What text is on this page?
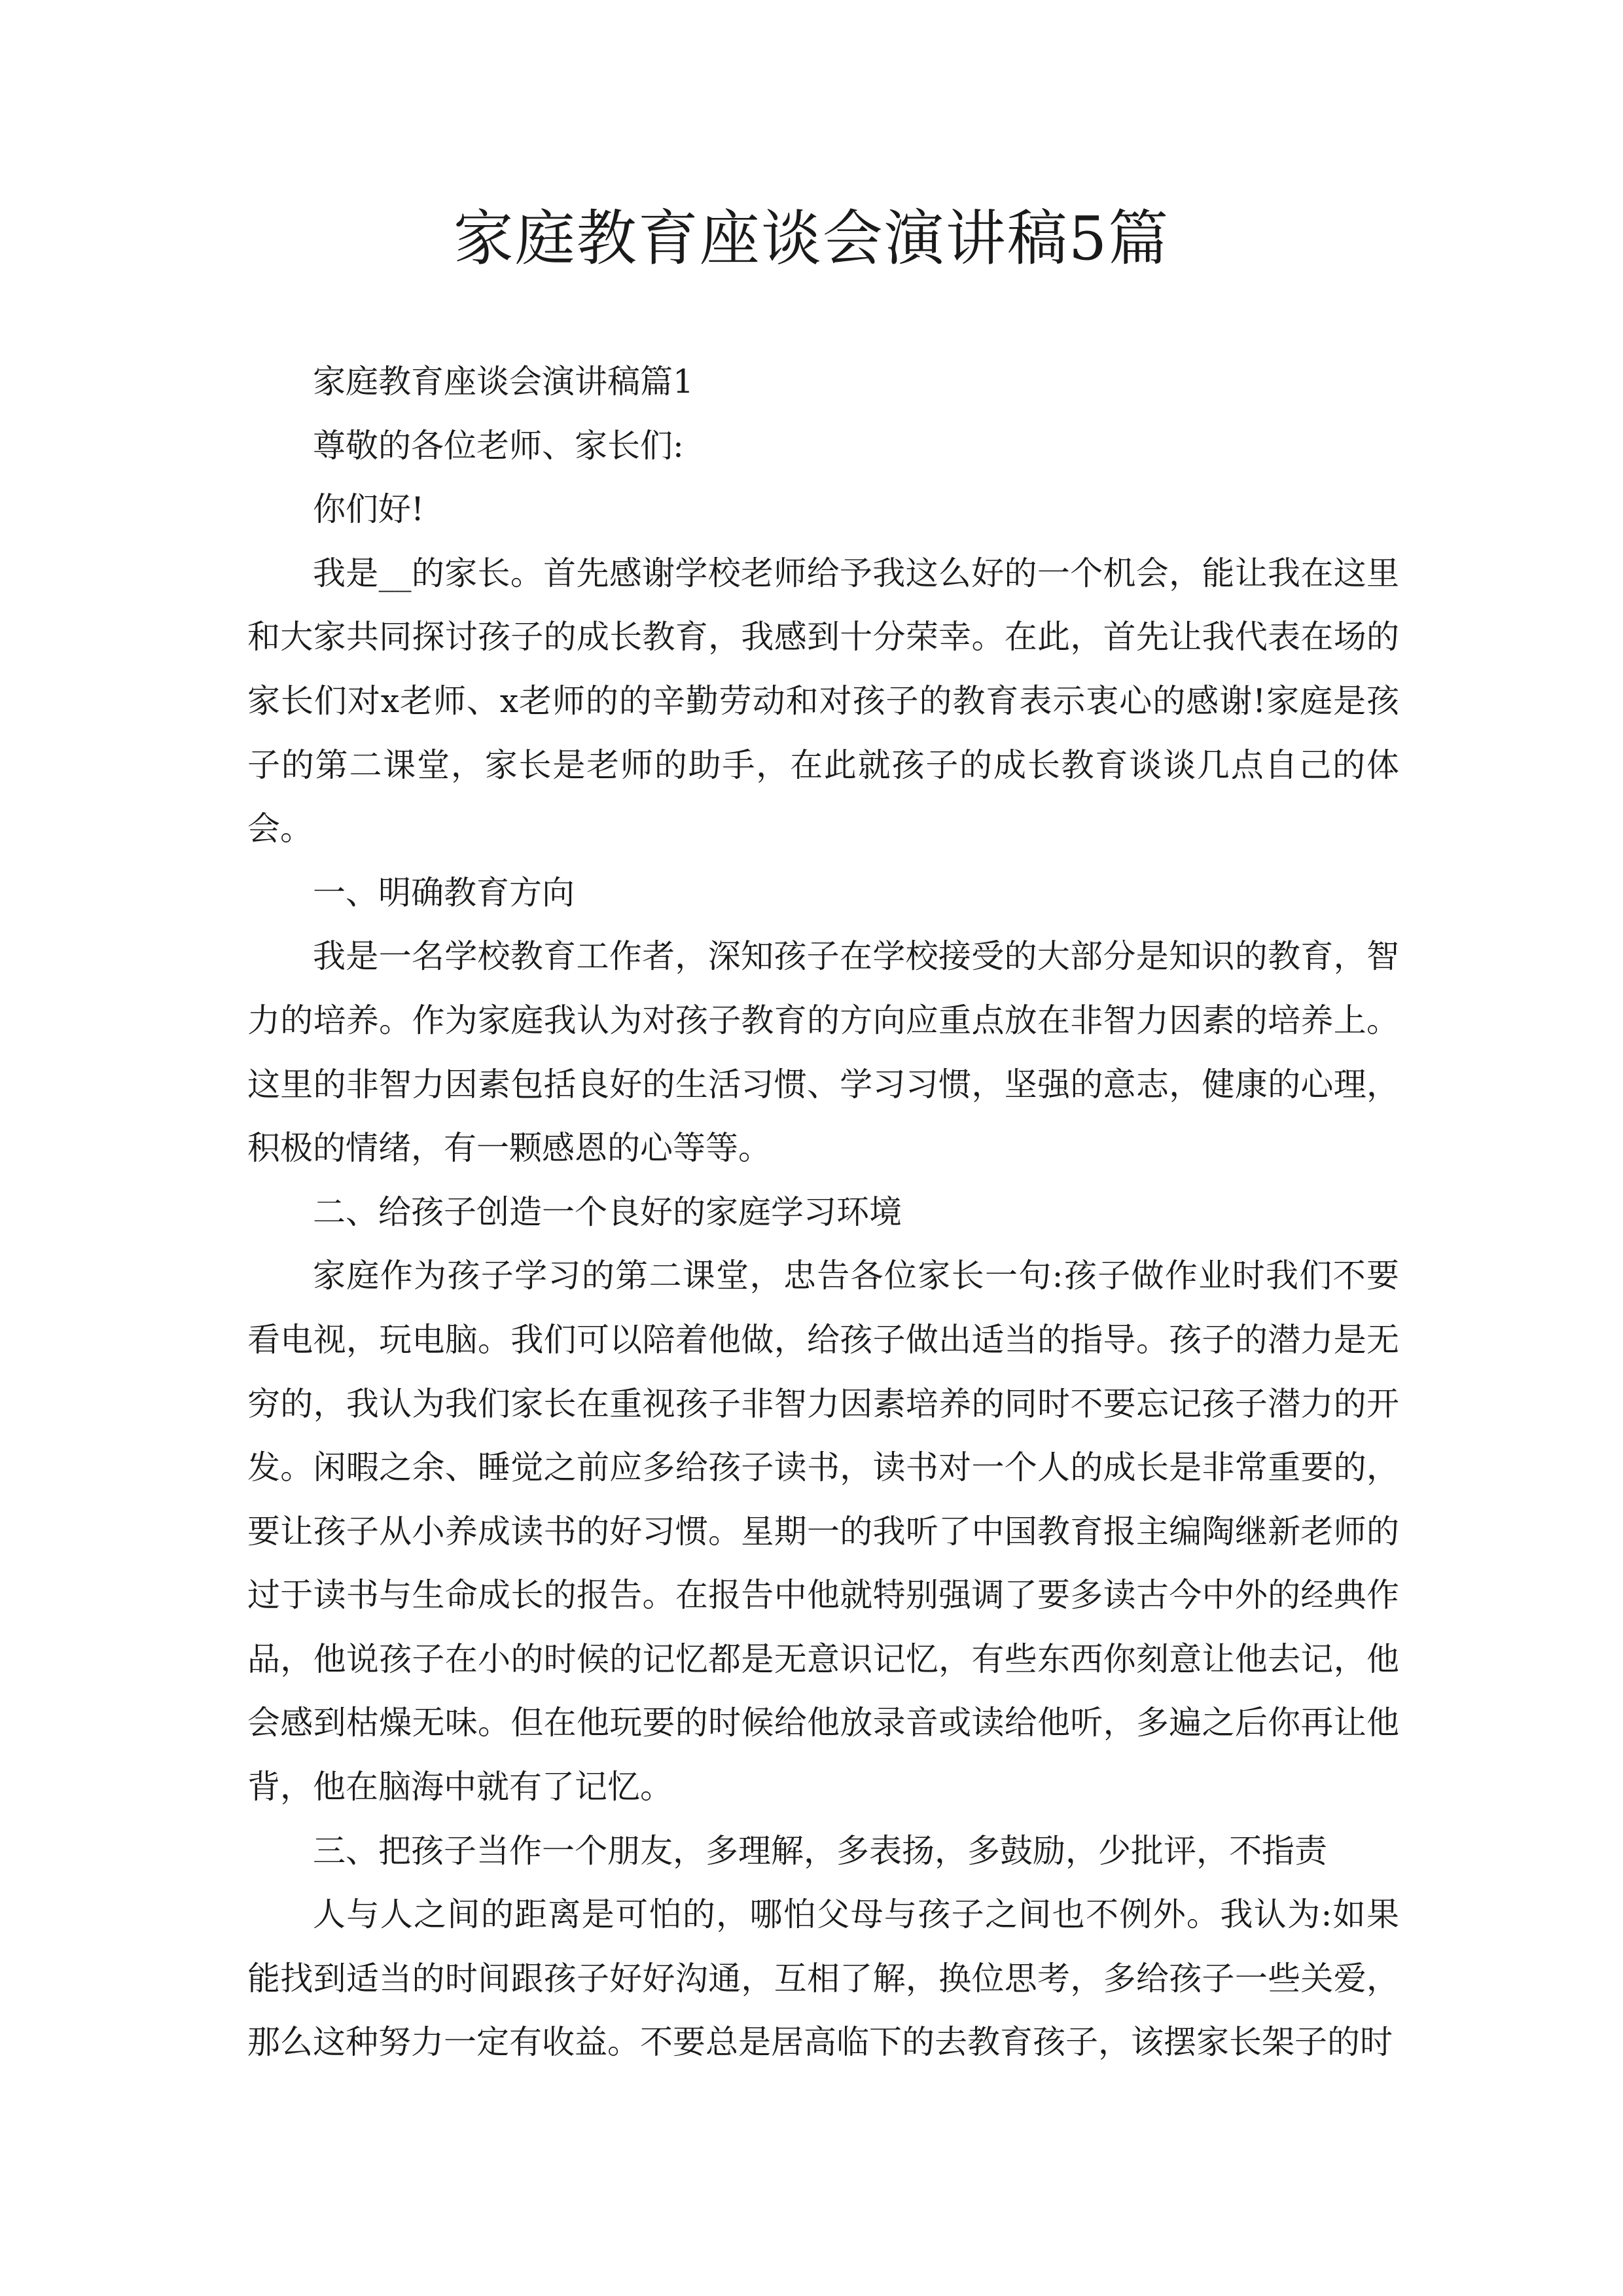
家庭教育座谈会演讲稿5篇

家庭教育座谈会演讲稿篇1

尊敬的各位老师、家长们:

你们好!

我是__的家长。首先感谢学校老师给予我这么好的一个机会，能让我在这里和大家共同探讨孩子的成长教育，我感到十分荣幸。在此，首先让我代表在场的家长们对x老师、x老师的的辛勤劳动和对孩子的教育表示衷心的感谢!家庭是孩子的第二课堂，家长是老师的助手，在此就孩子的成长教育谈谈几点自己的体会。

一、明确教育方向

我是一名学校教育工作者，深知孩子在学校接受的大部分是知识的教育，智力的培养。作为家庭我认为对孩子教育的方向应重点放在非智力因素的培养上。这里的非智力因素包括良好的生活习惯、学习习惯，坚强的意志，健康的心理，积极的情绪，有一颗感恩的心等等。

二、给孩子创造一个良好的家庭学习环境

家庭作为孩子学习的第二课堂，忠告各位家长一句:孩子做作业时我们不要看电视，玩电脑。我们可以陪着他做，给孩子做出适当的指导。孩子的潜力是无穷的，我认为我们家长在重视孩子非智力因素培养的同时不要忘记孩子潜力的开发。闲暇之余、睡觉之前应多给孩子读书，读书对一个人的成长是非常重要的，要让孩子从小养成读书的好习惯。星期一的我听了中国教育报主编陶继新老师的过于读书与生命成长的报告。在报告中他就特别强调了要多读古今中外的经典作品，他说孩子在小的时候的记忆都是无意识记忆，有些东西你刻意让他去记，他会感到枯燥无味。但在他玩要的时候给他放录音或读给他听，多遍之后你再让他背，他在脑海中就有了记忆。

三、把孩子当作一个朋友，多理解，多表扬，多鼓励，少批评，不指责

人与人之间的距离是可怕的，哪怕父母与孩子之间也不例外。我认为:如果能找到适当的时间跟孩子好好沟通，互相了解，换位思考，多给孩子一些关爱，那么这种努力一定有收益。不要总是居高临下的去教育孩子，该摆家长架子的时
